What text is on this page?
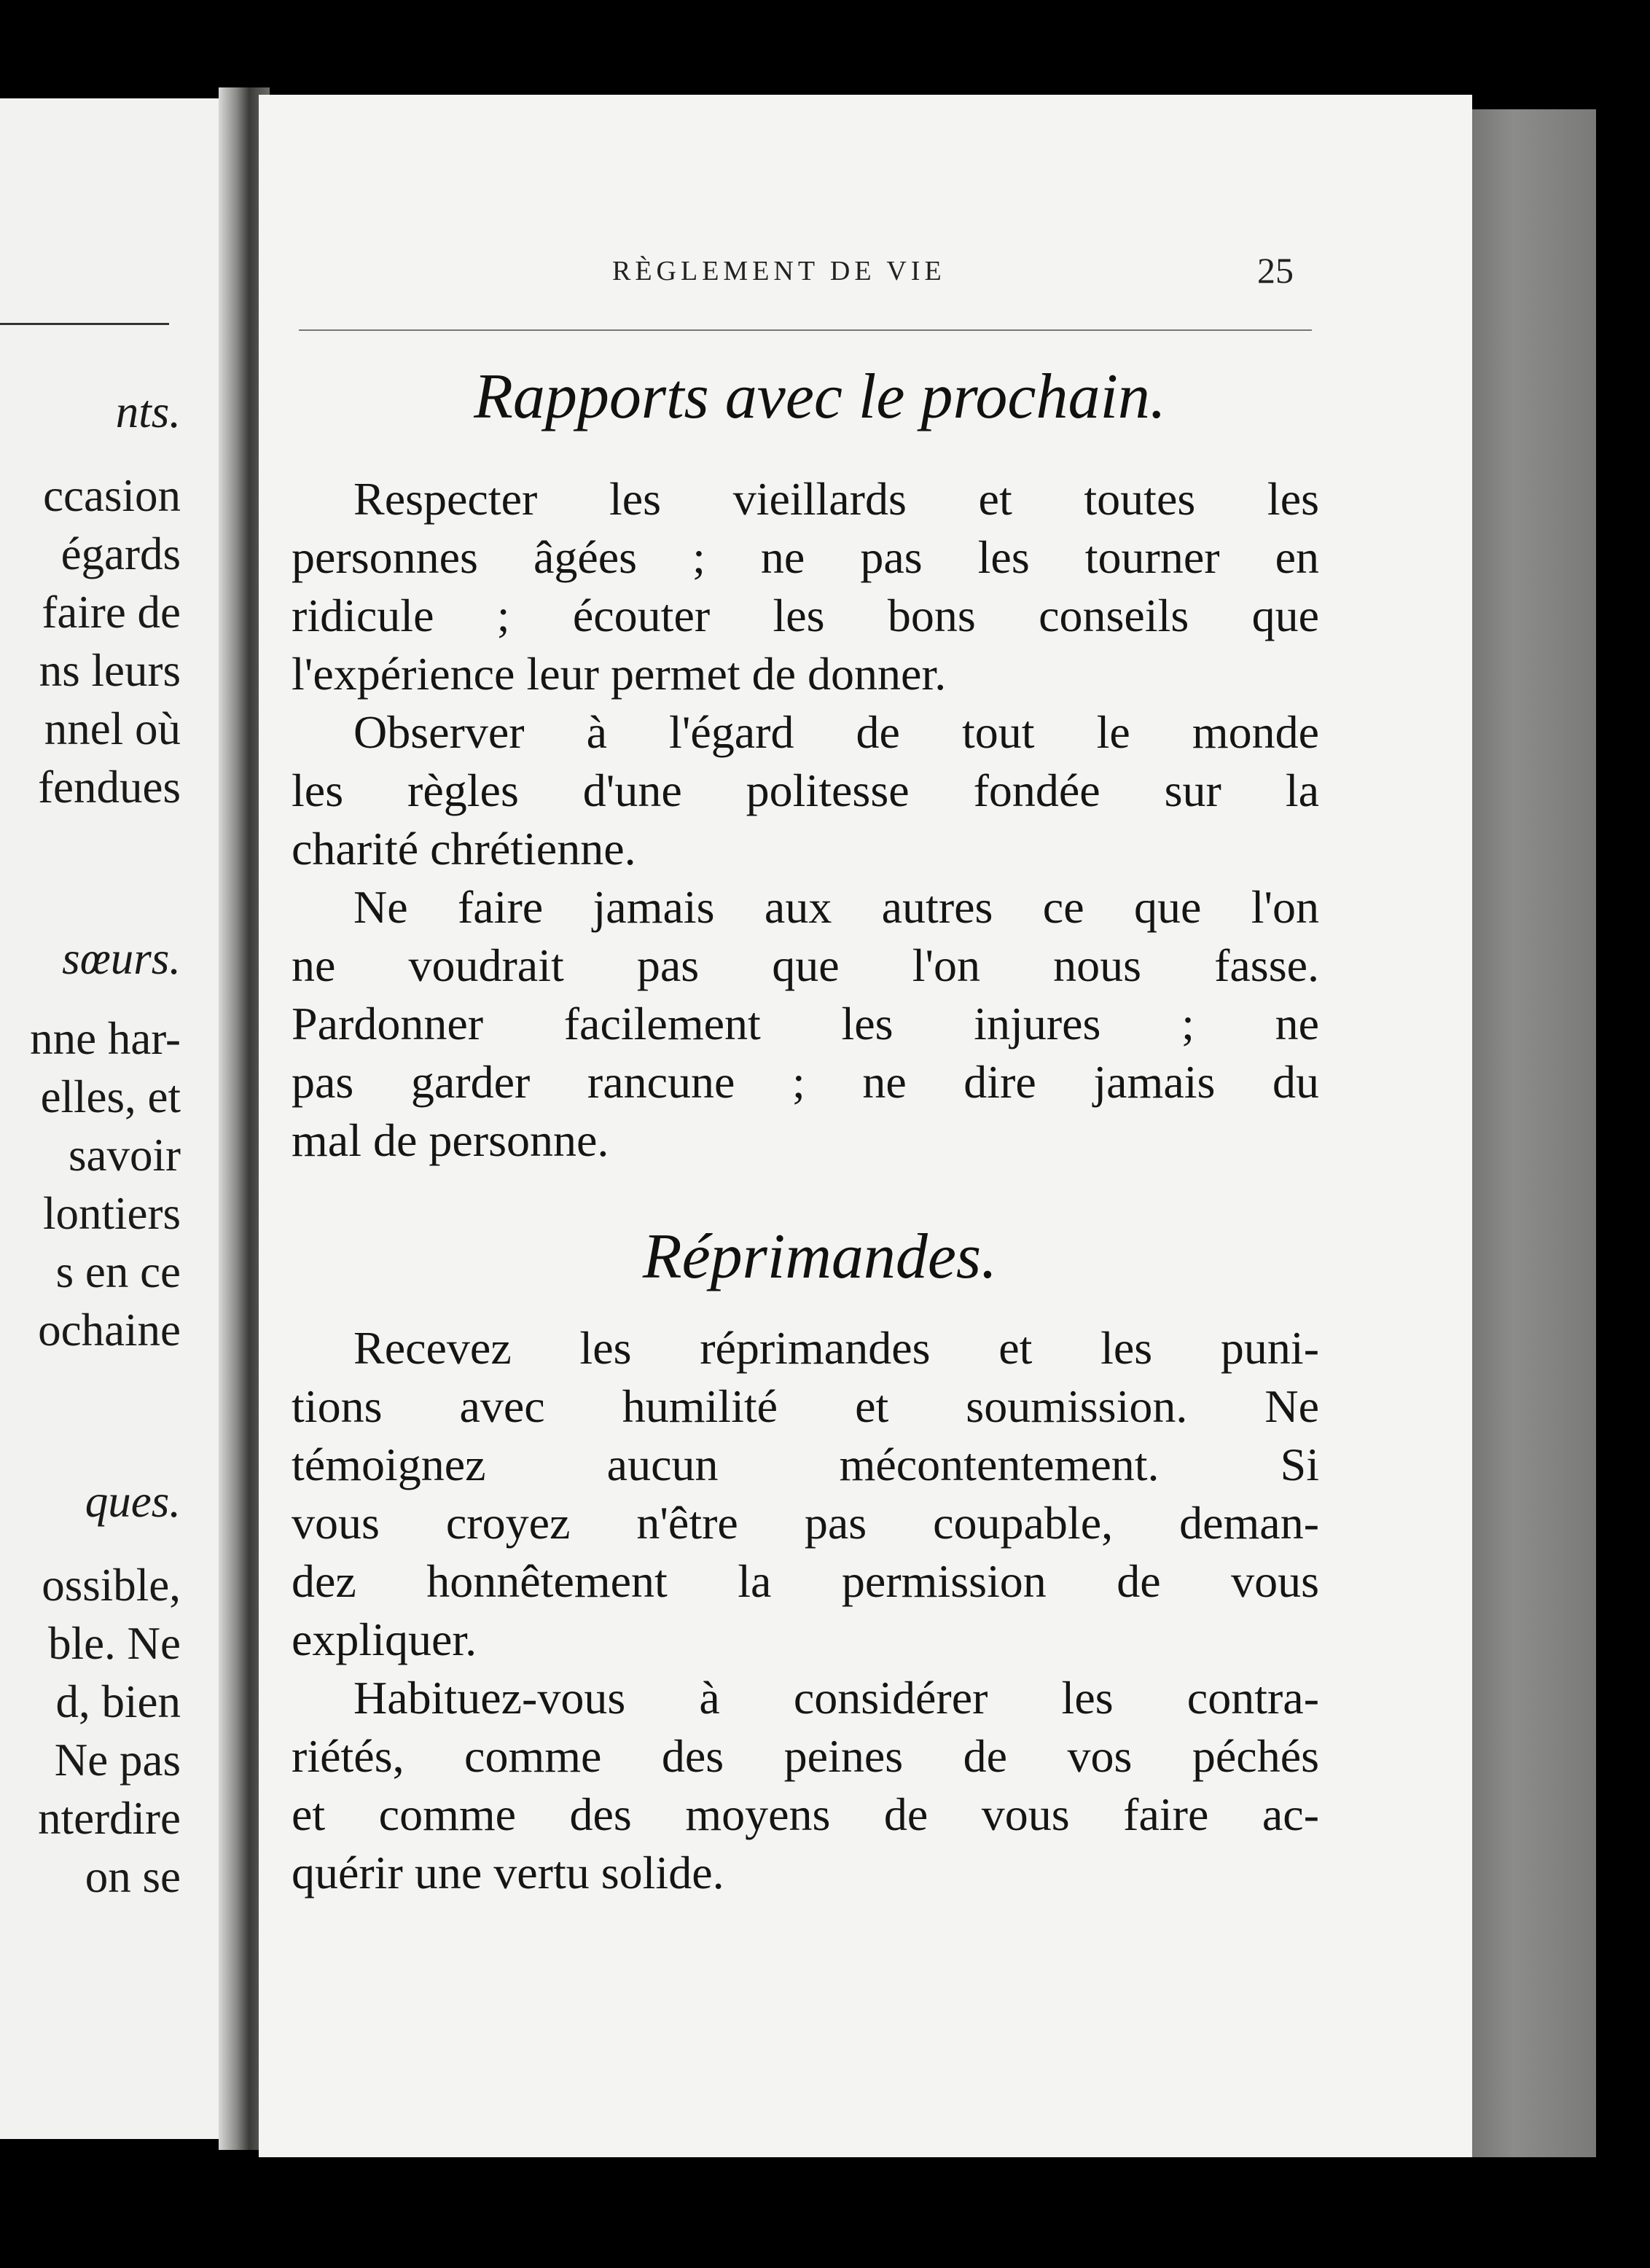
nts.
ccasion
égards
faire de
ns leurs
nnel où
fendues
sœurs.
nne har-
elles, et
savoir
lontiers
s en ce
ochaine
ques.
ossible,
ble. Ne
d, bien
Ne pas
nterdire
on se
RÈGLEMENT DE VIE	25
Rapports avec le prochain.
Respecter les vieillards et toutes les
personnes âgées ; ne pas les tourner en
ridicule ; écouter les bons conseils que
l'expérience leur permet de donner.
Observer à l'égard de tout le monde
les règles d'une politesse fondée sur la
charité chrétienne.
Ne faire jamais aux autres ce que l'on
ne voudrait pas que l'on nous fasse.
Pardonner facilement les injures ; ne
pas garder rancune ; ne dire jamais du
mal de personne.
Réprimandes.
Recevez les réprimandes et les puni-
tions avec humilité et soumission. Ne
témoignez aucun mécontentement. Si
vous croyez n'être pas coupable, deman-
dez honnêtement la permission de vous
expliquer.
Habituez-vous à considérer les contra-
riétés, comme des peines de vos péchés
et comme des moyens de vous faire ac-
quérir une vertu solide.
